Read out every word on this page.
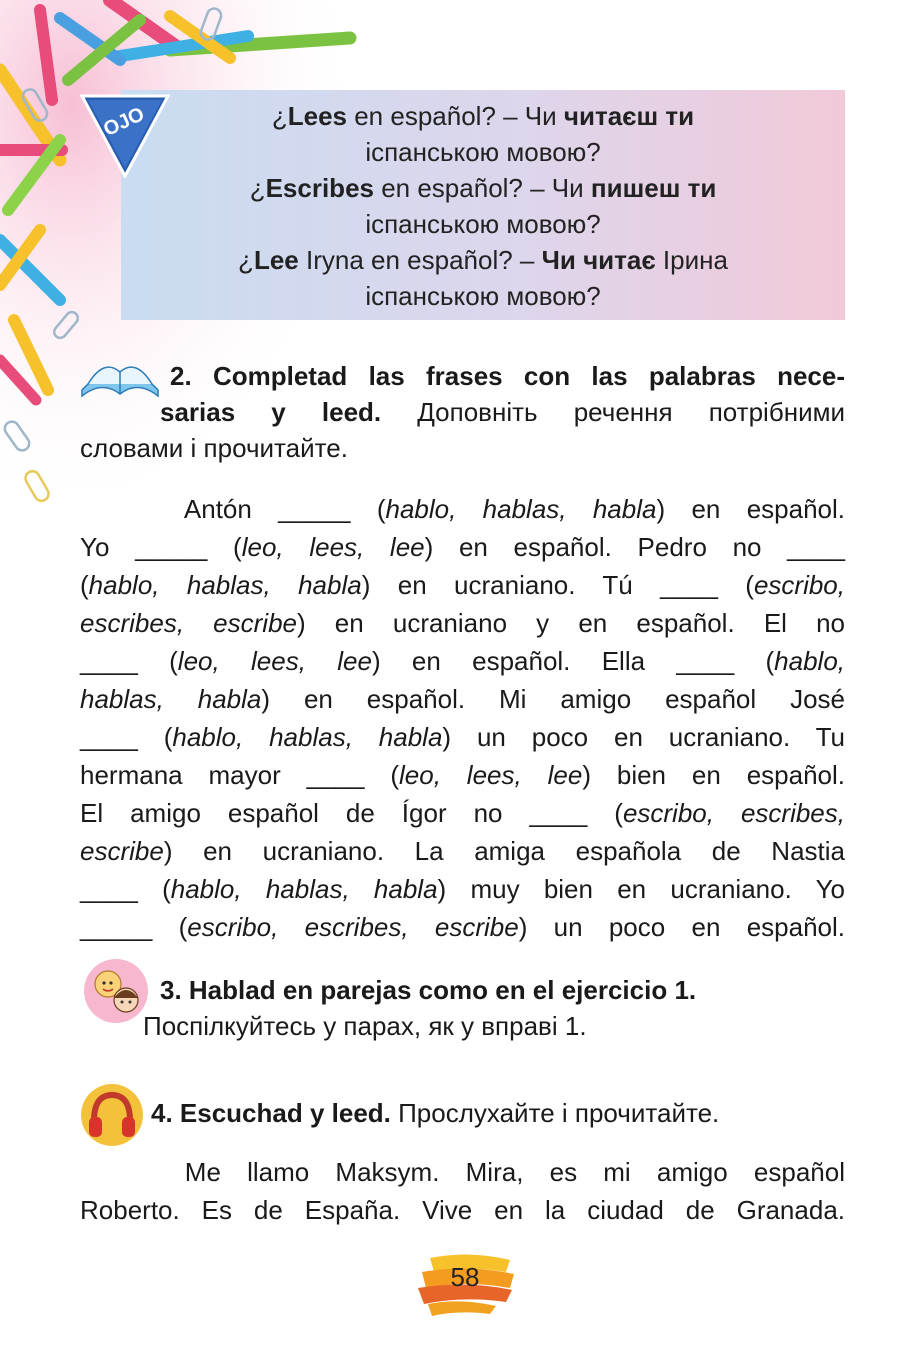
¿Lees en español? – Чи читаєш ти
іспанською мовою?
¿Escribes en español? – Чи пишеш ти
іспанською мовою?
¿Lee Iryna en español? – Чи читає Ірина
іспанською мовою?
OJO
2. Completad las frases con las palabras nece-
sarias y leed. Доповніть речення потрібними
словами і прочитайте.
Antón _____ (hablo, hablas, habla) en español.
Yo _____ (leo, lees, lee) en español. Pedro no ____
(hablo, hablas, habla) en ucraniano. Tú ____ (escribo,
escribes, escribe) en ucraniano y en español. El no
____ (leo, lees, lee) en español. Ella ____ (hablo,
hablas, habla) en español. Mi amigo español José
____ (hablo, hablas, habla) un poco en ucraniano. Tu
hermana mayor ____ (leo, lees, lee) bien en español.
El amigo español de Ígor no ____ (escribo, escribes,
escribe) en ucraniano. La amiga española de Nastia
____ (hablo, hablas, habla) muy bien en ucraniano. Yo
_____ (escribo, escribes, escribe) un poco en español.
3. Hablad en parejas como en el ejercicio 1.
Поспілкуйтесь у парах, як у вправі 1.
4. Escuchad y leed. Прослухайте і прочитайте.
Me llamo Maksym. Mira, es mi amigo español
Roberto. Es de España. Vive en la ciudad de Granada.
58
